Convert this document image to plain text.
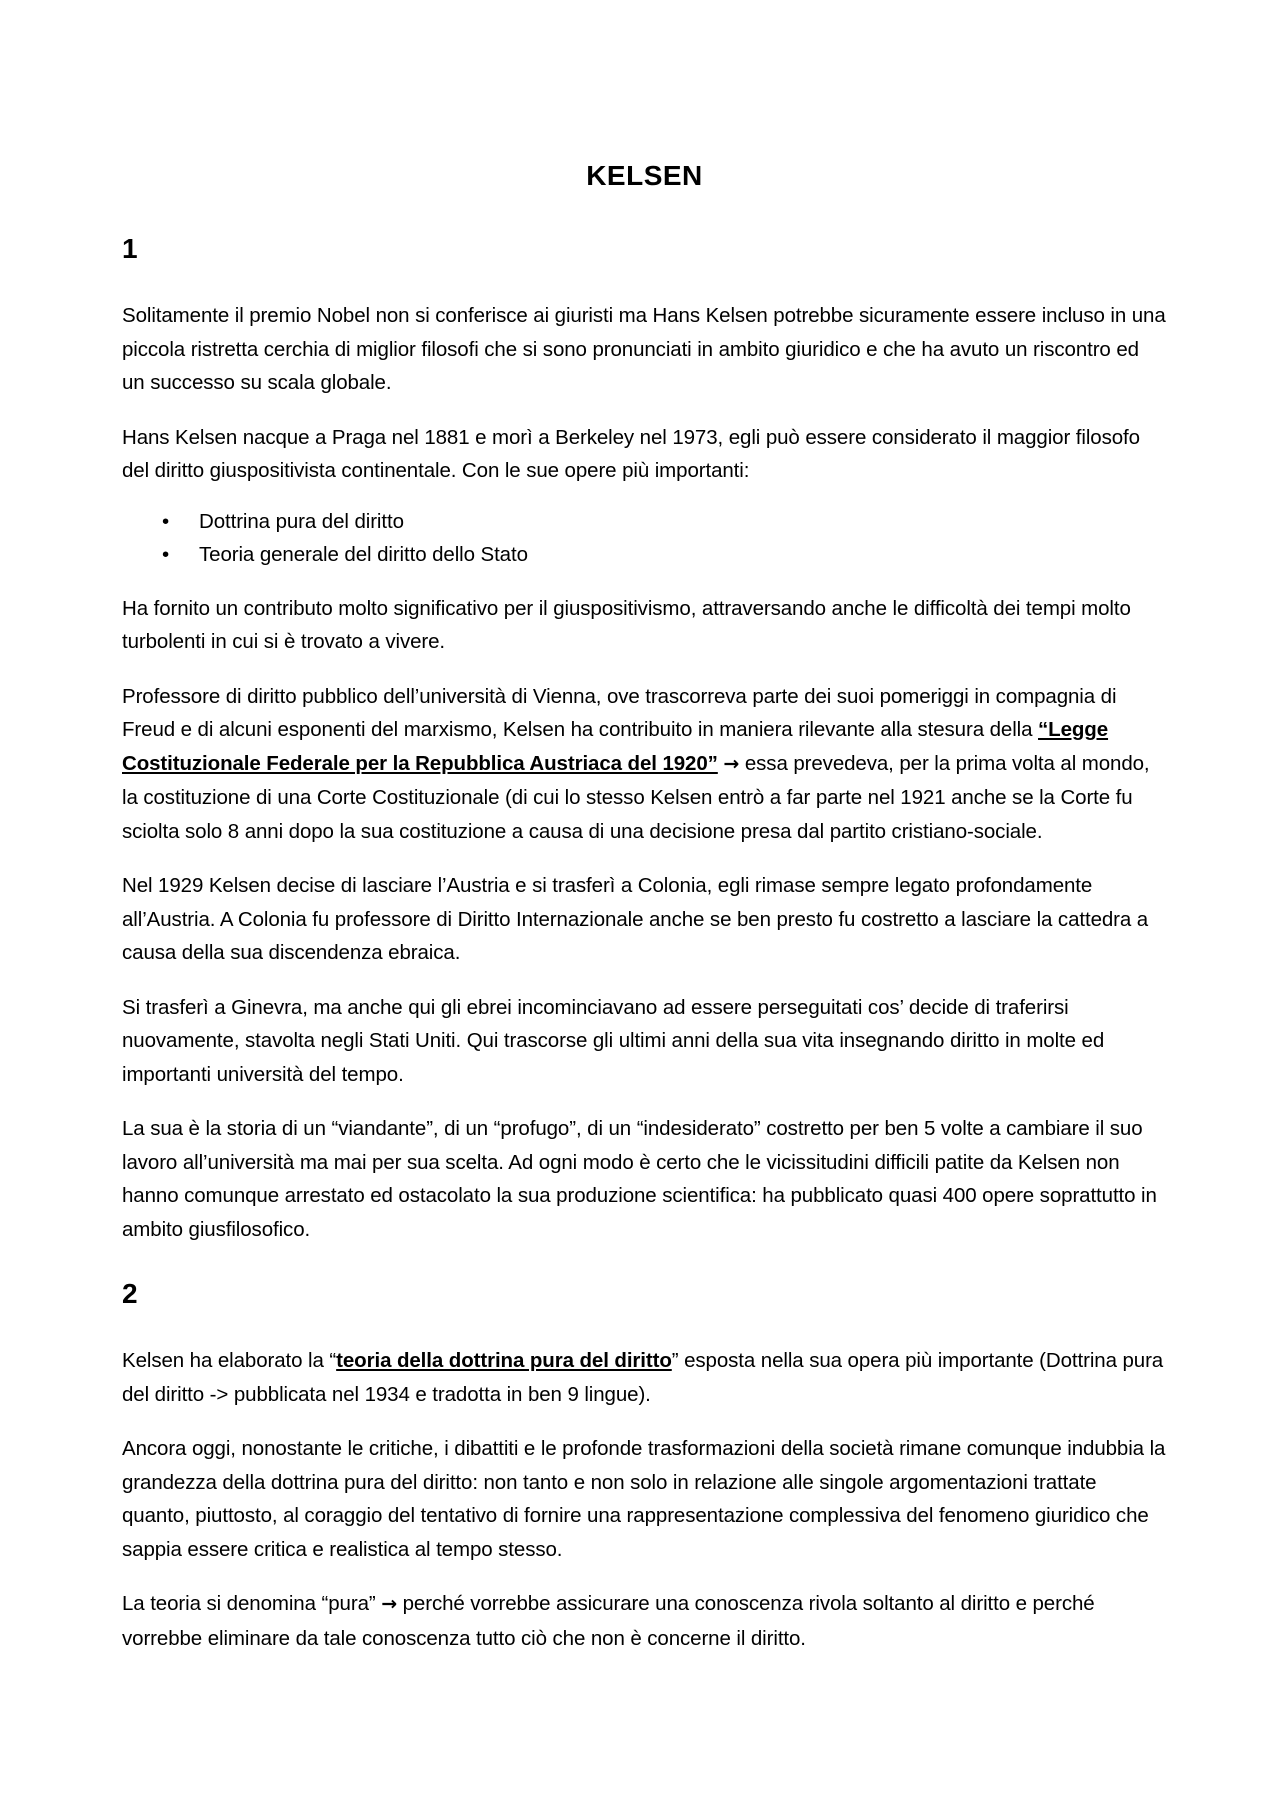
KELSEN
1

Solitamente il premio Nobel non si conferisce ai giuristi ma Hans Kelsen potrebbe sicuramente essere incluso in una piccola ristretta cerchia di miglior filosofi che si sono pronunciati in ambito giuridico e che ha avuto un riscontro ed un successo su scala globale.

Hans Kelsen nacque a Praga nel 1881 e morì a Berkeley nel 1973, egli può essere considerato il maggior filosofo del diritto giuspositivista continentale. Con le sue opere più importanti:

• Dottrina pura del diritto
• Teoria generale del diritto dello Stato

Ha fornito un contributo molto significativo per il giuspositivismo, attraversando anche le difficoltà dei tempi molto turbolenti in cui si è trovato a vivere.

Professore di diritto pubblico dell’università di Vienna, ove trascorreva parte dei suoi pomeriggi in compagnia di Freud e di alcuni esponenti del marxismo, Kelsen ha contribuito in maniera rilevante alla stesura della “Legge Costituzionale Federale per la Repubblica Austriaca del 1920” → essa prevedeva, per la prima volta al mondo, la costituzione di una Corte Costituzionale (di cui lo stesso Kelsen entrò a far parte nel 1921 anche se la Corte fu sciolta solo 8 anni dopo la sua costituzione a causa di una decisione presa dal partito cristiano-sociale.

Nel 1929 Kelsen decise di lasciare l’Austria e si trasferì a Colonia, egli rimase sempre legato profondamente all’Austria. A Colonia fu professore di Diritto Internazionale anche se ben presto fu costretto a lasciare la cattedra a causa della sua discendenza ebraica.

Si trasferì a Ginevra, ma anche qui gli ebrei incominciavano ad essere perseguitati cos’ decide di traferirsi nuovamente, stavolta negli Stati Uniti. Qui trascorse gli ultimi anni della sua vita insegnando diritto in molte ed importanti università del tempo.

La sua è la storia di un “viandante”, di un “profugo”, di un “indesiderato” costretto per ben 5 volte a cambiare il suo lavoro all’università ma mai per sua scelta. Ad ogni modo è certo che le vicissitudini difficili patite da Kelsen non hanno comunque arrestato ed ostacolato la sua produzione scientifica: ha pubblicato quasi 400 opere soprattutto in ambito giusfilosofico.

2

Kelsen ha elaborato la “teoria della dottrina pura del diritto” esposta nella sua opera più importante (Dottrina pura del diritto -> pubblicata nel 1934 e tradotta in ben 9 lingue).

Ancora oggi, nonostante le critiche, i dibattiti e le profonde trasformazioni della società rimane comunque indubbia la grandezza della dottrina pura del diritto: non tanto e non solo in relazione alle singole argomentazioni trattate quanto, piuttosto, al coraggio del tentativo di fornire una rappresentazione complessiva del fenomeno giuridico che sappia essere critica e realistica al tempo stesso.

La teoria si denomina “pura” → perché vorrebbe assicurare una conoscenza rivola soltanto al diritto e perché vorrebbe eliminare da tale conoscenza tutto ciò che non è concerne il diritto.
